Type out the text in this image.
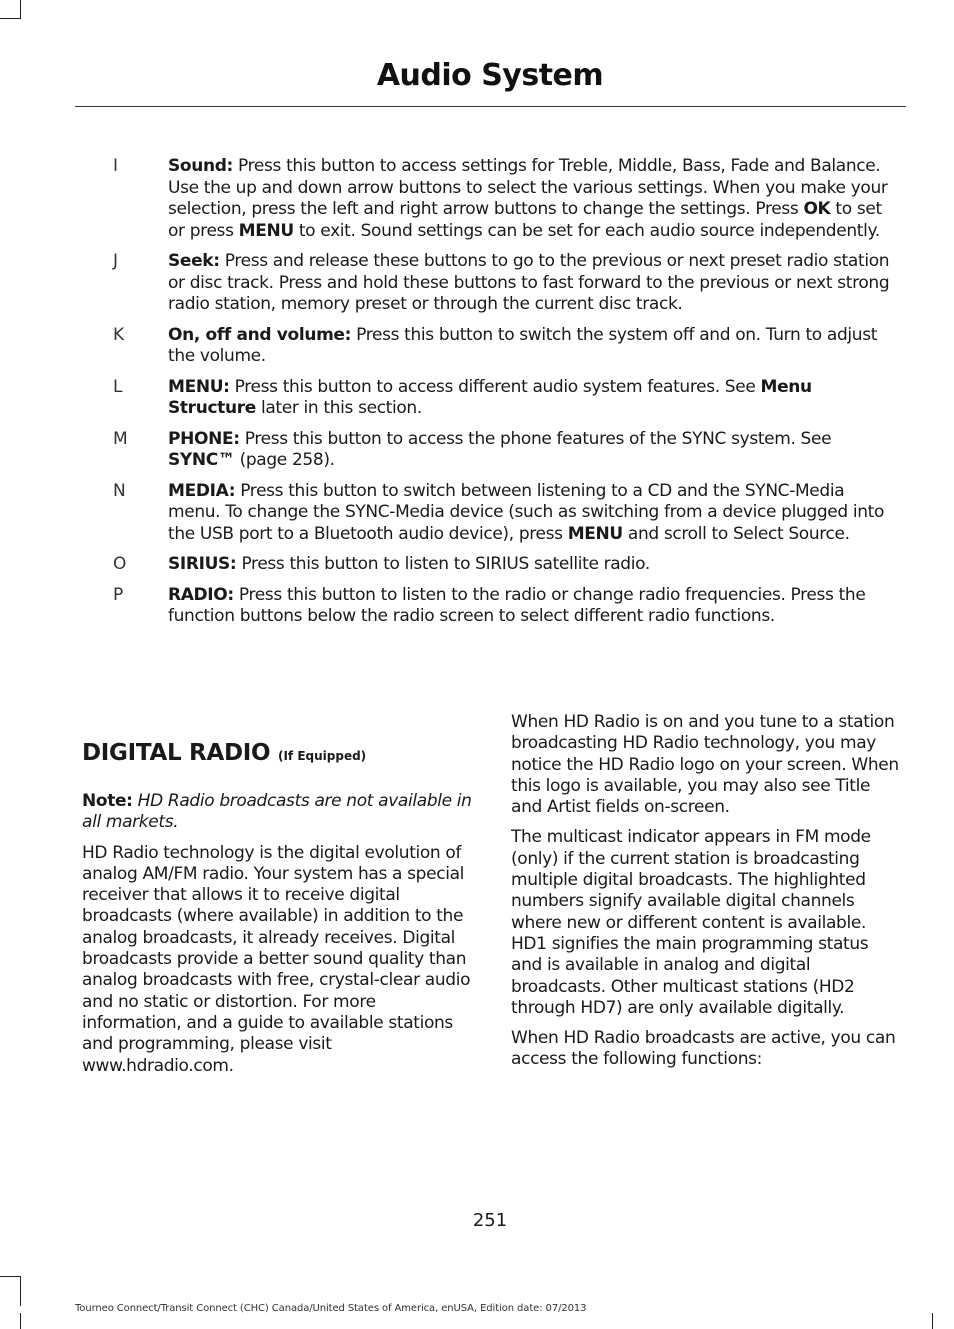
Audio System
I	Sound: Press this button to access settings for Treble, Middle, Bass, Fade and Balance. Use the up and down arrow buttons to select the various settings. When you make your selection, press the left and right arrow buttons to change the settings. Press OK to set or press MENU to exit. Sound settings can be set for each audio source independently.
J	Seek: Press and release these buttons to go to the previous or next preset radio station or disc track. Press and hold these buttons to fast forward to the previous or next strong radio station, memory preset or through the current disc track.
K	On, off and volume: Press this button to switch the system off and on. Turn to adjust the volume.
L	MENU: Press this button to access different audio system features. See Menu Structure later in this section.
M	PHONE: Press this button to access the phone features of the SYNC system. See SYNC™ (page 258).
N	MEDIA: Press this button to switch between listening to a CD and the SYNC-Media menu. To change the SYNC-Media device (such as switching from a device plugged into the USB port to a Bluetooth audio device), press MENU and scroll to Select Source.
O	SIRIUS: Press this button to listen to SIRIUS satellite radio.
P	RADIO: Press this button to listen to the radio or change radio frequencies. Press the function buttons below the radio screen to select different radio functions.
DIGITAL RADIO (If Equipped)

Note: HD Radio broadcasts are not available in all markets.

HD Radio technology is the digital evolution of analog AM/FM radio. Your system has a special receiver that allows it to receive digital broadcasts (where available) in addition to the analog broadcasts, it already receives. Digital broadcasts provide a better sound quality than analog broadcasts with free, crystal-clear audio and no static or distortion. For more information, and a guide to available stations and programming, please visit www.hdradio.com.

When HD Radio is on and you tune to a station broadcasting HD Radio technology, you may notice the HD Radio logo on your screen. When this logo is available, you may also see Title and Artist fields on-screen.

The multicast indicator appears in FM mode (only) if the current station is broadcasting multiple digital broadcasts. The highlighted numbers signify available digital channels where new or different content is available. HD1 signifies the main programming status and is available in analog and digital broadcasts. Other multicast stations (HD2 through HD7) are only available digitally.

When HD Radio broadcasts are active, you can access the following functions:

251
Tourneo Connect/Transit Connect (CHC) Canada/United States of America, enUSA, Edition date: 07/2013
